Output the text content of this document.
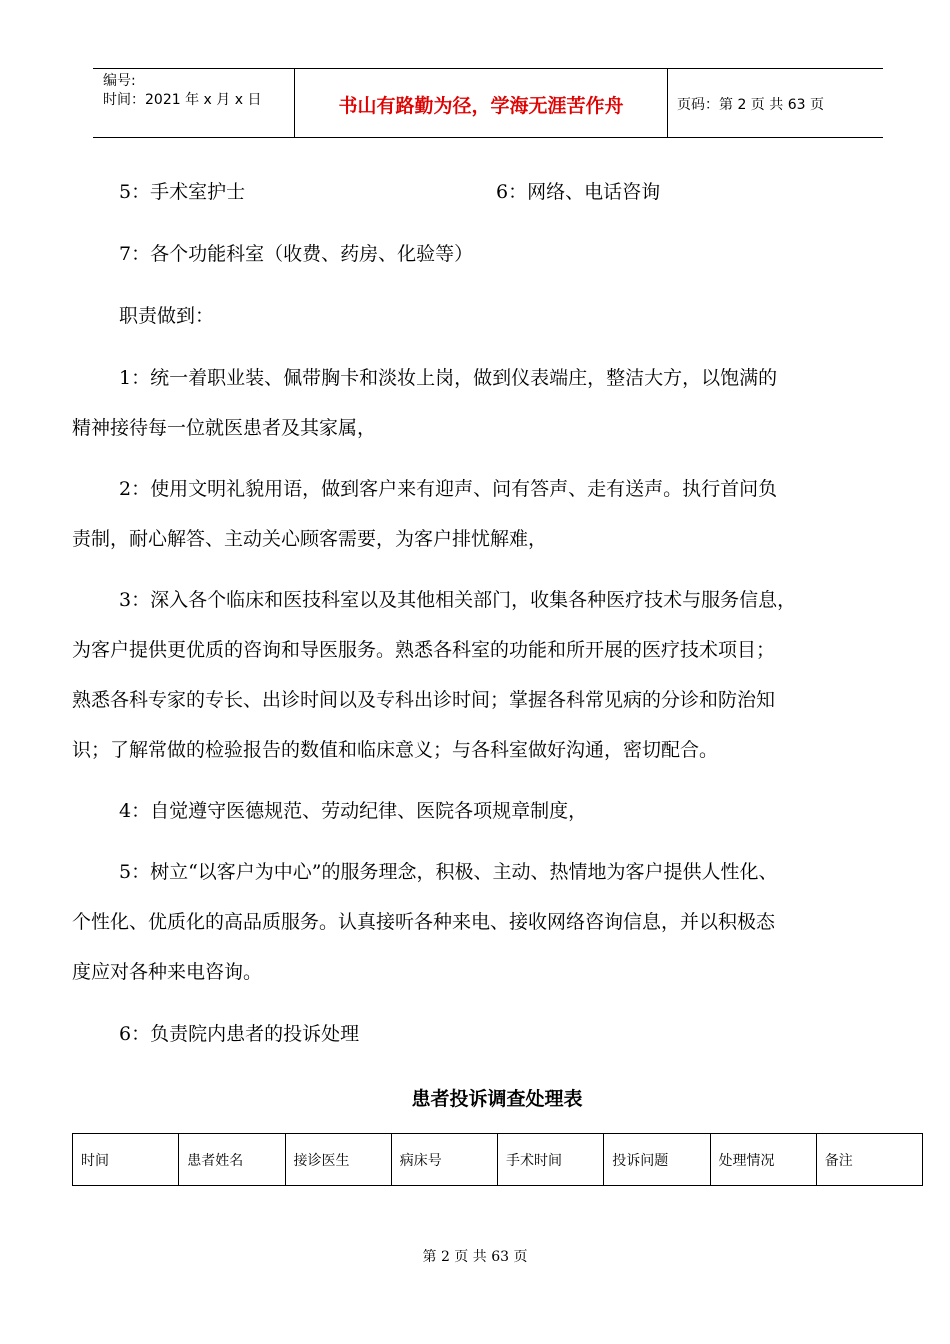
编号:
时间：2021 年 x 月 x 日	书山有路勤为径，学海无涯苦作舟	页码：第 2 页 共 63 页
5：手术室护士	6：网络、电话咨询
7：各个功能科室（收费、药房、化验等）
职责做到：
1：统一着职业装、佩带胸卡和淡妆上岗，做到仪表端庄，整洁大方，以饱满的
精神接待每一位就医患者及其家属，
2：使用文明礼貌用语，做到客户来有迎声、问有答声、走有送声。执行首问负
责制，耐心解答、主动关心顾客需要，为客户排忧解难，
3：深入各个临床和医技科室以及其他相关部门，收集各种医疗技术与服务信息，
为客户提供更优质的咨询和导医服务。熟悉各科室的功能和所开展的医疗技术项目；
熟悉各科专家的专长、出诊时间以及专科出诊时间；掌握各科常见病的分诊和防治知
识；了解常做的检验报告的数值和临床意义；与各科室做好沟通，密切配合。
4：自觉遵守医德规范、劳动纪律、医院各项规章制度，
5：树立“以客户为中心”的服务理念，积极、主动、热情地为客户提供人性化、
个性化、优质化的高品质服务。认真接听各种来电、接收网络咨询信息，并以积极态
度应对各种来电咨询。
6：负责院内患者的投诉处理
患者投诉调查处理表
时间	患者姓名	接诊医生	病床号	手术时间	投诉问题	处理情况	备注
第 2 页 共 63 页
